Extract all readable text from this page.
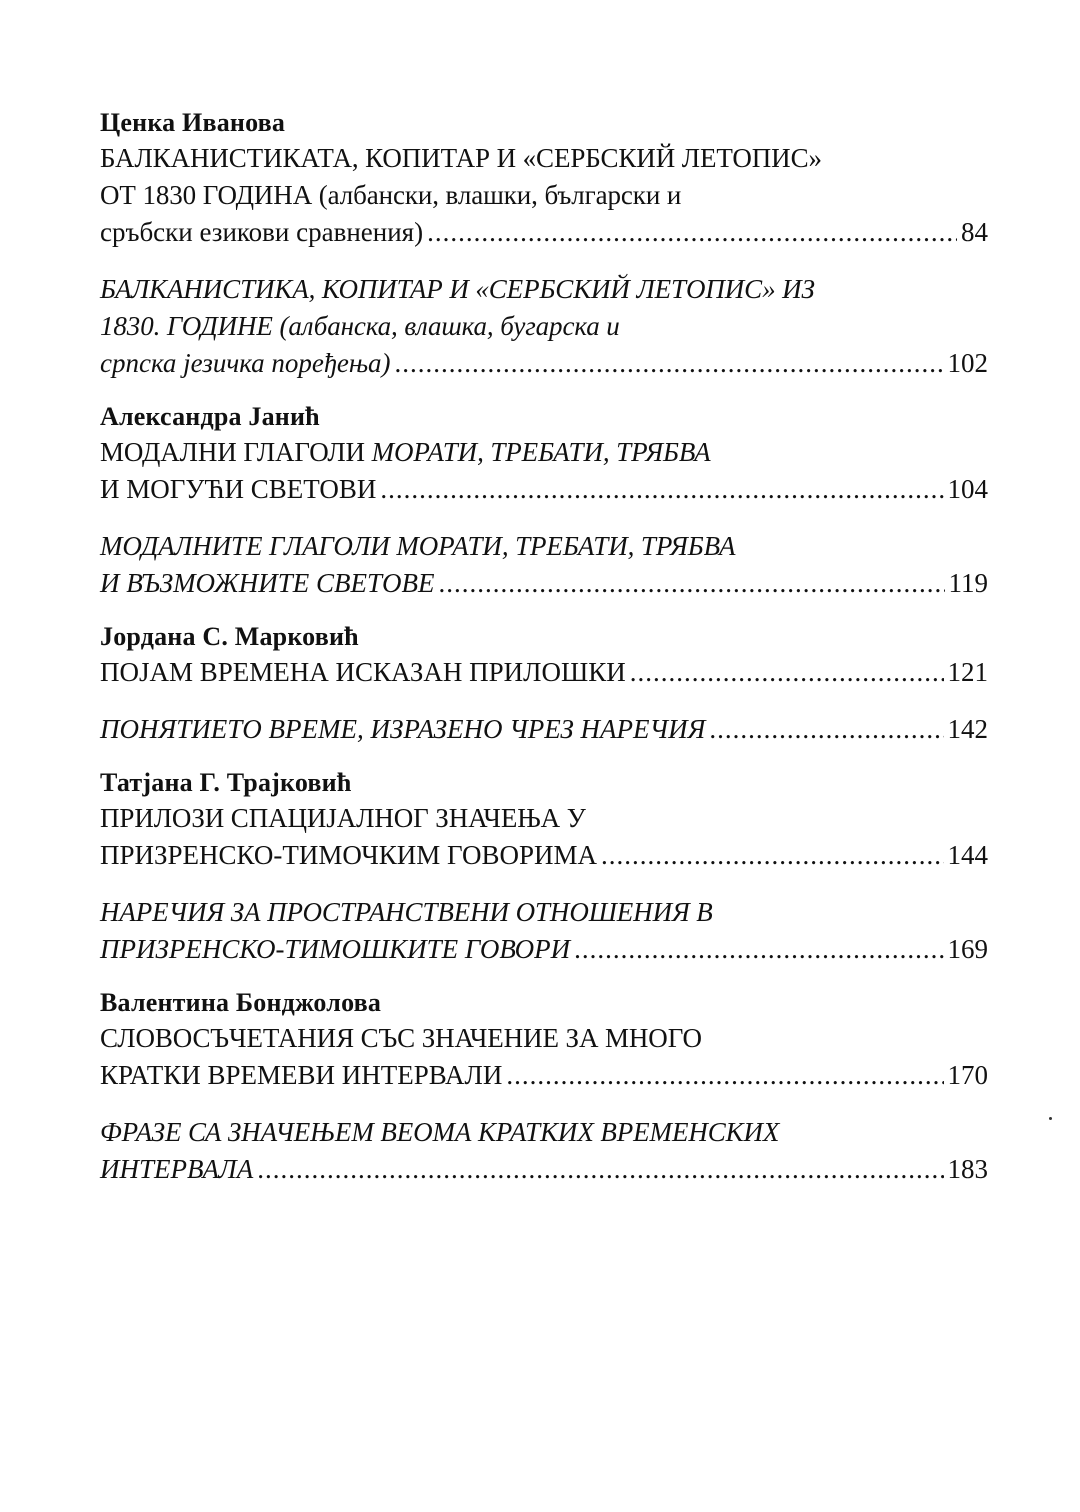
Ценка Иванова
БАЛКАНИСТИКАТА, КОПИТАР И «СЕРБСКИЙ ЛЕТОПИС»
ОТ 1830 ГОДИНА (албански, влашки, български и
сръбски езикови сравнения) .....	84
БАЛКАНИСТИКА, КОПИТАР И «СЕРБСКИЙ ЛЕТОПИС» ИЗ
1830. ГОДИНЕ (албанска, влашка, бугарска и
српска језичка поређења) .....	102
Александра Јанић
МОДАЛНИ ГЛАГОЛИ МОРАТИ, ТРЕБАТИ, ТРЯБВА
И МОГУЋИ СВЕТОВИ .....	104
МОДАЛНИТЕ ГЛАГОЛИ МОРАТИ, ТРЕБАТИ, ТРЯБВА
И ВЪЗМОЖНИТЕ СВЕТОВЕ .....	119
Јордана С. Марковић
ПОЈАМ ВРЕМЕНА ИСКАЗАН ПРИЛОШКИ .....	121
ПОНЯТИЕТО ВРЕМЕ, ИЗРАЗЕНО ЧРЕЗ НАРЕЧИЯ .....	142
Татјана Г. Трајковић
ПРИЛОЗИ СПАЦИЈАЛНОГ ЗНАЧЕЊА У
ПРИЗРЕНСКО-ТИМОЧКИМ ГОВОРИМА .....	144
НАРЕЧИЯ ЗА ПРОСТРАНСТВЕНИ ОТНОШЕНИЯ В
ПРИЗРЕНСКО-ТИМОШКИТЕ ГОВОРИ .....	169
Валентина Бонджолова
СЛОВОСЪЧЕТАНИЯ СЪС ЗНАЧЕНИЕ ЗА МНОГО
КРАТКИ ВРЕМЕВИ ИНТЕРВАЛИ .....	170
ФРАЗЕ СА ЗНАЧЕЊЕМ ВЕОМА КРАТКИХ ВРЕМЕНСКИХ
ИНТЕРВАЛА .....	183
